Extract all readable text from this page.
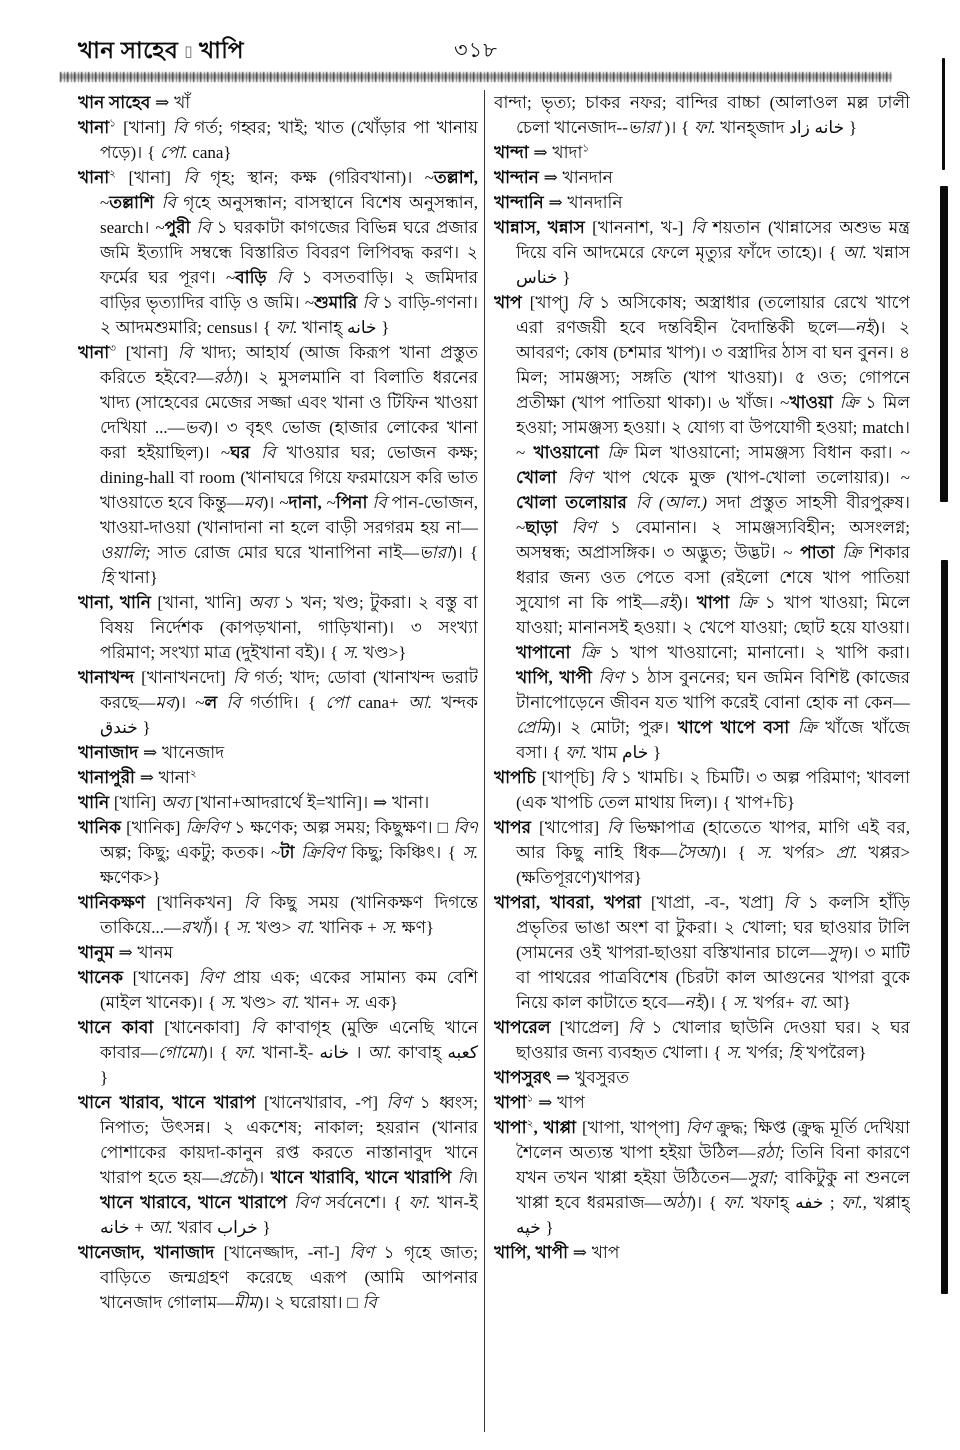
খান সাহেব ▯ খাপি	৩১৮
খান সাহেব ⇒ খাঁ
খানা$^১$ [খানা] বি গর্ত; গহ্বর; খাই; খাত (খোঁড়ার পা খানায় পড়ে)। { পো. cana}
খানা$^২$ [খানা] বি গৃহ; স্থান; কক্ষ (গরিবখানা)। ~তল্লাশ, ~তল্লাশি বি গৃহে অনুসন্ধান; বাসস্থানে বিশেষ অনুসন্ধান, search। ~পুরী বি ১ ঘরকাটা কাগজের বিভিন্ন ঘরে প্রজার জমি ইত্যাদি সম্বন্ধে বিস্তারিত বিবরণ লিপিবদ্ধ করণ। ২ ফর্মের ঘর পূরণ। ~বাড়ি বি ১ বসতবাড়ি। ২ জমিদার বাড়ির ভৃত্যাদির বাড়ি ও জমি। ~শুমারি বি ১ বাড়ি-গণনা। ২ আদমশুমারি; census। { ফা. খানাহ্ خانه }
খানা$^৩$ [খানা] বি খাদ্য; আহার্য (আজ কিরূপ খানা প্রস্তুত করিতে হইবে?—রঠা)। ২ মুসলমানি বা বিলাতি ধরনের খাদ্য (সাহেবের মেজের সজ্জা এবং খানা ও টিফিন খাওয়া দেখিয়া ...—ভব)। ৩ বৃহৎ ভোজ (হাজার লোকের খানা করা হইয়াছিল)। ~ঘর বি খাওয়ার ঘর; ভোজন কক্ষ; dining-hall বা room (খানাঘরে গিয়ে ফরমায়েস করি ভাত খাওয়াতে হবে কিন্তু—মব)। ~দানা, ~পিনা বি পান-ভোজন, খাওয়া-দাওয়া (খানাদানা না হলে বাড়ী সরগরম হয় না—ওয়ালি; সাত রোজ মোর ঘরে খানাপিনা নাই—ভারা)। { হি খানা}
খানা, খানি [খানা, খানি] অব্য ১ খন; খণ্ড; টুকরা। ২ বস্তু বা বিষয় নির্দেশক (কাপড়খানা, গাড়িখানা)। ৩ সংখ্যা পরিমাণ; সংখ্যা মাত্র (দুইখানা বই)। { স. খণ্ড>}
খানাখন্দ [খানাখনদো] বি গর্ত; খাদ; ডোবা (খানাখন্দ ভরাট করছে—মব)। ~ল বি গর্তাদি। { পো cana+ আ. খন্দক خندق }
খানাজাদ ⇒ খানেজাদ
খানাপুরী ⇒ খানা$^২$
খানি [খানি] অব্য [খানা+আদরার্থে ই=খানি]। ⇒ খানা।
খানিক [খানিক] ক্রিবিণ ১ ক্ষণেক; অল্প সময়; কিছুক্ষণ। □ বিণ অল্প; কিছু; একটু; কতক। ~টা ক্রিবিণ কিছু; কিঞ্চিৎ। { স. ক্ষণেক>}
খানিকক্ষণ [খানিকখন] বি কিছু সময় (খানিকক্ষণ দিগন্তে তাকিয়ে...—রখাঁ)। { স. খণ্ড> বা. খানিক + স. ক্ষণ}
খানুম ⇒ খানম
খানেক [খানেক] বিণ প্রায় এক; একের সামান্য কম বেশি (মাইল খানেক)। { স. খণ্ড> বা. খান+ স. এক}
খানে কাবা [খানেকাবা] বি কা'বাগৃহ (মুক্তি এনেছি খানে কাবার—গোমো)। { ফা. খানা-ই- خانه । আ. কা'বাহ্ كعبه }
খানে খারাব, খানে খারাপ [খানেখারাব, -প] বিণ ১ ধ্বংস; নিপাত; উৎসন্ন। ২ একশেষ; নাকাল; হয়রান (খানার পোশাকের কায়দা-কানুন রপ্ত করতে নাস্তানাবুদ খানে খারাপ হতে হয়—প্রচৌ)। খানে খারাবি, খানে খারাপি বি। খানে খারাবে, খানে খারাপে বিণ সর্বনেশে। { ফা. খান-ই خانه + আ. খরাব خراب }
খানেজাদ, খানাজাদ [খানেজ্জাদ, -না-] বিণ ১ গৃহে জাত; বাড়িতে জন্মগ্রহণ করেছে এরূপ (আমি আপনার খানেজাদ গোলাম—মীম)। ২ ঘরোয়া। □ বি
বান্দা; ভৃত্য; চাকর নফর; বান্দির বাচ্চা (আলাওল মল্ল ঢালী চেলা খানেজাদ--ভারা )। { ফা. খানহ্‌জাদ خانه زاد }
খান্দা ⇒ খাদা$^১$
খান্দান ⇒ খানদান
খান্দানি ⇒ খানদানি
খান্নাস, খন্নাস [খাননাশ, খ-] বি শয়তান (খান্নাসের অশুভ মন্ত্র দিয়ে বনি আদমেরে ফেলে মৃত্যুর ফাঁদে তাহে)। { আ. খন্নাস خناس }
খাপ [খাপ্] বি ১ অসিকোষ; অস্ত্রাধার (তলোয়ার রেখে খাপে এরা রণজয়ী হবে দন্তবিহীন বৈদান্তিকী ছলে—নই)। ২ আবরণ; কোষ (চশমার খাপ)। ৩ বস্ত্রাদির ঠাস বা ঘন বুনন। ৪ মিল; সামঞ্জস্য; সঙ্গতি (খাপ খাওয়া)। ৫ ওত; গোপনে প্রতীক্ষা (খাপ পাতিয়া থাকা)। ৬ খাঁজ। ~খাওয়া ক্রি ১ মিল হওয়া; সামঞ্জস্য হওয়া। ২ যোগ্য বা উপযোগী হওয়া; match। ~ খাওয়ানো ক্রি মিল খাওয়ানো; সামঞ্জস্য বিধান করা। ~ খোলা বিণ খাপ থেকে মুক্ত (খাপ-খোলা তলোয়ার)। ~ খোলা তলোয়ার বি (আল.) সদা প্রস্তুত সাহসী বীরপুরুষ। ~ছাড়া বিণ ১ বেমানান। ২ সামঞ্জস্যবিহীন; অসংলগ্ন; অসম্বন্ধ; অপ্রাসঙ্গিক। ৩ অদ্ভুত; উদ্ভট। ~ পাতা ক্রি শিকার ধরার জন্য ওত পেতে বসা (রইলো শেষে খাপ পাতিয়া সুযোগ না কি পাই—রই)। খাপা ক্রি ১ খাপ খাওয়া; মিলে যাওয়া; মানানসই হওয়া। ২ খেপে যাওয়া; ছোট হয়ে যাওয়া। খাপানো ক্রি ১ খাপ খাওয়ানো; মানানো। ২ খাপি করা। খাপি, খাপী বিণ ১ ঠাস বুননের; ঘন জমিন বিশিষ্ট (কাজের টানাপোড়েনে জীবন যত খাপি করেই বোনা হোক না কেন—প্রেমি)। ২ মোটা; পুরু। খাপে খাপে বসা ক্রি খাঁজে খাঁজে বসা। { ফা. খাম خام }
খাপচি [খাপ্‌চি] বি ১ খামচি। ২ চিমটি। ৩ অল্প পরিমাণ; খাবলা (এক খাপচি তেল মাথায় দিল)। { খাপ+চি}
খাপর [খাপোর] বি ভিক্ষাপাত্র (হাতেতে খাপর, মাগি এই বর, আর কিছু নাহি ধিক—সৈআ)। { স. খর্পর> প্রা. খপ্পর>(ক্ষতিপূরণে)খাপর}
খাপরা, খাবরা, খপরা [খাপ্রা, -ব-, খপ্রা] বি ১ কলসি হাঁড়ি প্রভৃতির ভাঙা অংশ বা টুকরা। ২ খোলা; ঘর ছাওয়ার টালি (সামনের ওই খাপরা-ছাওয়া বস্তিখানার চালে—সুদ)। ৩ মাটি বা পাথরের পাত্রবিশেষ (চিরটা কাল আগুনের খাপরা বুকে নিয়ে কাল কাটাতে হবে—নই)। { স. খর্পর+ বা. আ}
খাপরেল [খাপ্রেল] বি ১ খোলার ছাউনি দেওয়া ঘর। ২ ঘর ছাওয়ার জন্য ব্যবহৃত খোলা। { স. খর্পর; হি খপরৈল}
খাপসুরৎ ⇒ খুবসুরত
খাপা$^১$ ⇒ খাপ
খাপা$^২$, খাপ্পা [খাপা, খাপ্‌পা] বিণ ক্রুদ্ধ; ক্ষিপ্ত (ক্রুদ্ধ মূর্তি দেখিয়া শৈলেন অত্যন্ত খাপা হইয়া উঠিল—রঠা; তিনি বিনা কারণে যখন তখন খাপ্পা হইয়া উঠিতেন—সুরা; বাকিটুকু না শুনলে খাপ্পা হবে ধরমরাজ—অঠা)। { ফা. খফাহ্ خفه ; ফা., খপ্পাহ্ خپه }
খাপি, খাপী ⇒ খাপ
